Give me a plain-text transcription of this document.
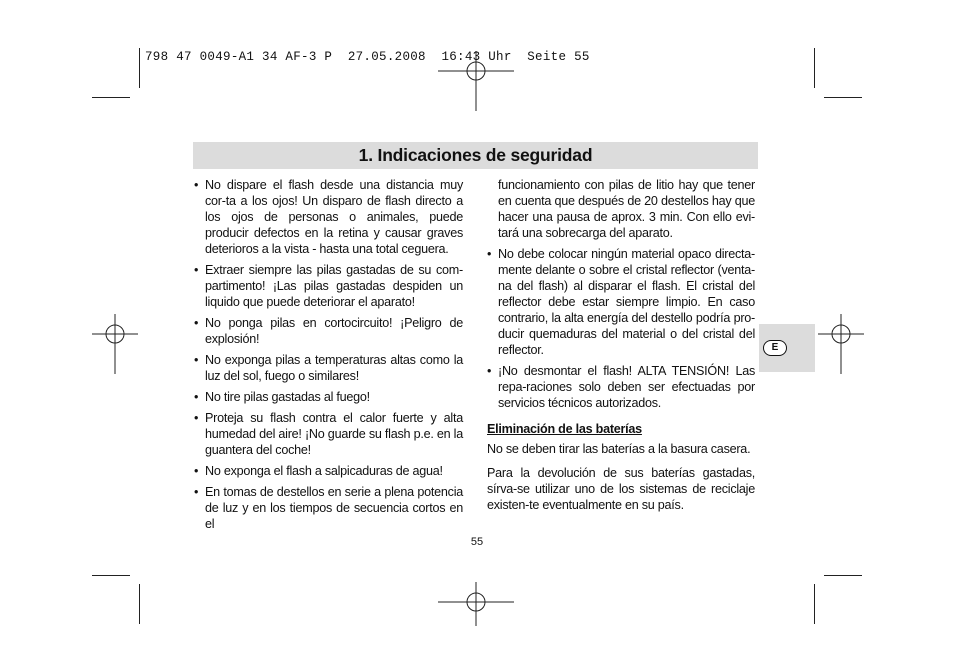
798 47 0049-A1 34 AF-3 P  27.05.2008  16:43 Uhr  Seite 55
1. Indicaciones de seguridad
• No dispare el flash desde una distancia muy cor-ta a los ojos! Un disparo de flash directo a los ojos de personas o animales, puede producir defectos en la retina y causar graves deterioros a la vista - hasta una total ceguera.
• Extraer siempre las pilas gastadas de su com-partimento! ¡Las pilas gastadas despiden un liquido que puede deteriorar el aparato!
• No ponga pilas en cortocircuito! ¡Peligro de explosión!
• No exponga pilas a temperaturas altas como la luz del sol, fuego o similares!
• No tire pilas gastadas al fuego!
• Proteja su flash contra el calor fuerte y alta humedad del aire! ¡No guarde su flash p.e. en la guantera del coche!
• No exponga el flash a salpicaduras de agua!
• En tomas de destellos en serie a plena potencia de luz y en los tiempos de secuencia cortos en el
funcionamiento con pilas de litio hay que tener en cuenta que después de 20 destellos hay que hacer una pausa de aprox. 3 min. Con ello evi-tará una sobrecarga del aparato.
• No debe colocar ningún material opaco directa-mente delante o sobre el cristal reflector (venta-na del flash) al disparar el flash. El cristal del reflector debe estar siempre limpio. En caso contrario, la alta energía del destello podría pro-ducir quemaduras del material o del cristal del reflector.
• ¡No desmontar el flash! ALTA TENSIÓN! Las repa-raciones solo deben ser efectuadas por servicios técnicos autorizados.
Eliminación de las baterías
No se deben tirar las baterías a la basura casera.
Para la devolución de sus baterías gastadas, sírva-se utilizar uno de los sistemas de reciclaje existen-te eventualmente en su país.
55
E
